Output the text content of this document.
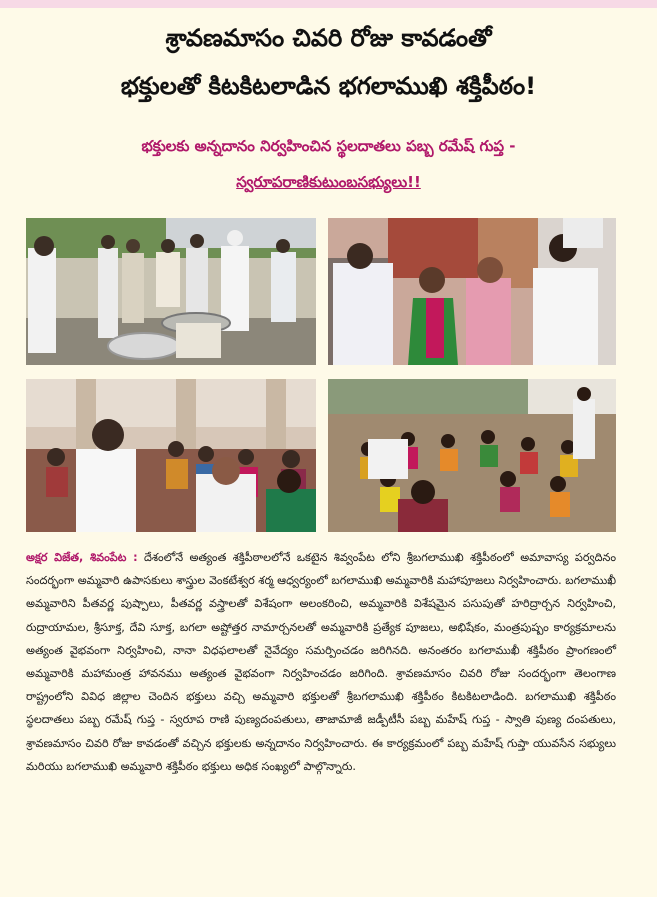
శ్రావణమాసం చివరి రోజు కావడంతో
భక్తులతో కిటకిటలాడిన భగలాముఖి శక్తిపీఠం!
భక్తులకు అన్నదానం నిర్వహించిన స్థలదాతలు పబ్బ రమేష్ గుప్త -
స్వరూపరాణికుటుంబసభ్యులు!!

అక్షర విజేత, శివంపేట : దేశంలోనే అత్యంత శక్తిపీఠాలలోనే ఒకటైన శివ్వంపేట లోని శ్రీబగలాముఖి శక్తిపీఠంలో అమావాస్య పర్వదినం సందర్భంగా అమ్మవారి ఉపాసకులు శాస్త్రుల వెంకటేశ్వర శర్మ ఆధ్వర్యంలో బగలాముఖి అమ్మవారికి మహాపూజలు నిర్వహించారు. బగలాముఖీ అమ్మవారిని పీతవర్ణ పుష్పాలు, పీతవర్ణ వస్త్రాలతో విశేషంగా అలంకరించి, అమ్మవారికి విశేషమైన పసుపుతో హరిద్రార్చన నిర్వహించి, రుద్రాయామల, శ్రీసూక్త, దేవి సూక్త, బగలా అష్టోత్తర నామార్చనలతో అమ్మవారికి ప్రత్యేక పూజలు, అభిషేకం, మంత్రపుష్పం కార్యక్రమాలను అత్యంత వైభవంగా నిర్వహించి, నానా విధఫలాలతో నైవేద్యం సమర్పించడం జరిగినది. అనంతరం బగలాముఖీ శక్తిపీఠం ప్రాంగణంలో అమ్మవారికి మహామంత్ర హావనము అత్యంత వైభవంగా నిర్వహించడం జరిగింది. శ్రావణమాసం చివరి రోజు సందర్భంగా తెలంగాణ రాష్ట్రంలోని వివిధ జిల్లాల చెందిన భక్తులు వచ్చి అమ్మవారి భక్తులతో శ్రీబగలాముఖి శక్తిపీఠం కిటకిటలాడింది. బగలాముఖి శక్తిపీఠం స్థలదాతలు పబ్బ రమేష్ గుప్త - స్వరూప రాణి పుణ్యదంపతులు, తాజామాజీ జడ్పీటీసీ పబ్బ మహేష్ గుప్త - స్వాతి పుణ్య దంపతులు, శ్రావణమాసం చివరి రోజు కావడంతో వచ్చిన భక్తులకు అన్నదానం నిర్వహించారు. ఈ కార్యక్రమంలో పబ్బ మహేష్ గుప్తా యువసేన సభ్యులు మరియు బగలాముఖి అమ్మవారి శక్తిపీఠం భక్తులు అధిక సంఖ్యలో పాల్గొన్నారు.
